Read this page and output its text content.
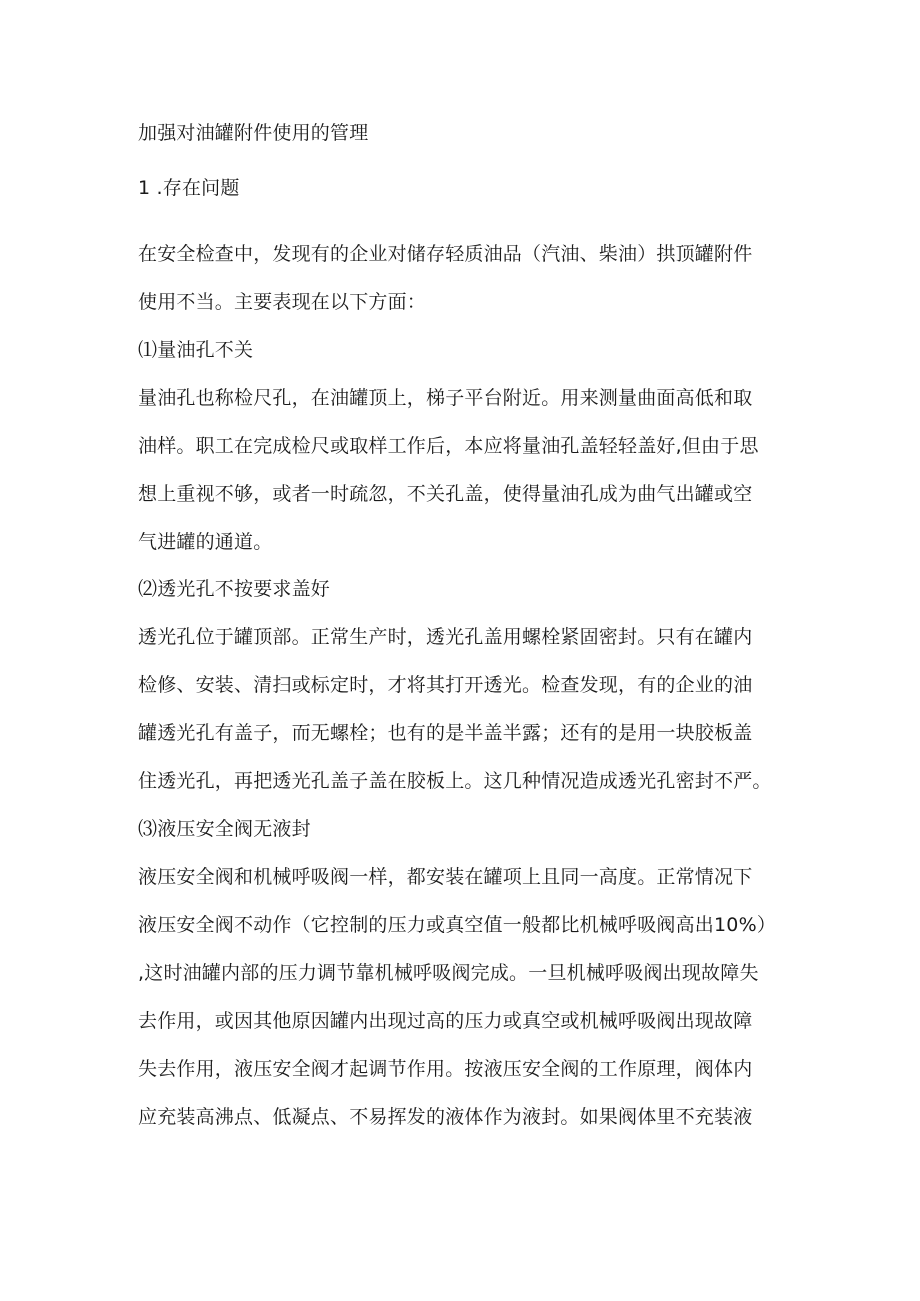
加强对油罐附件使用的管理
1 .存在问题
在安全检查中，发现有的企业对储存轻质油品（汽油、柴油）拱顶罐附件
使用不当。主要表现在以下方面：
⑴量油孔不关
量油孔也称检尺孔，在油罐顶上，梯子平台附近。用来测量曲面高低和取
油样。职工在完成检尺或取样工作后，本应将量油孔盖轻轻盖好,但由于思
想上重视不够，或者一时疏忽，不关孔盖，使得量油孔成为曲气出罐或空
气进罐的通道。
⑵透光孔不按要求盖好
透光孔位于罐顶部。正常生产时，透光孔盖用螺栓紧固密封。只有在罐内
检修、安装、清扫或标定时，才将其打开透光。检查发现，有的企业的油
罐透光孔有盖子，而无螺栓；也有的是半盖半露；还有的是用一块胶板盖
住透光孔，再把透光孔盖子盖在胶板上。这几种情况造成透光孔密封不严。
⑶液压安全阀无液封
液压安全阀和机械呼吸阀一样，都安装在罐项上且同一高度。正常情况下
液压安全阀不动作（它控制的压力或真空值一般都比机械呼吸阀高出10%）
,这时油罐内部的压力调节靠机械呼吸阀完成。一旦机械呼吸阀出现故障失
去作用，或因其他原因罐内出现过高的压力或真空或机械呼吸阀出现故障
失去作用，液压安全阀才起调节作用。按液压安全阀的工作原理，阀体内
应充装高沸点、低凝点、不易挥发的液体作为液封。如果阀体里不充装液
